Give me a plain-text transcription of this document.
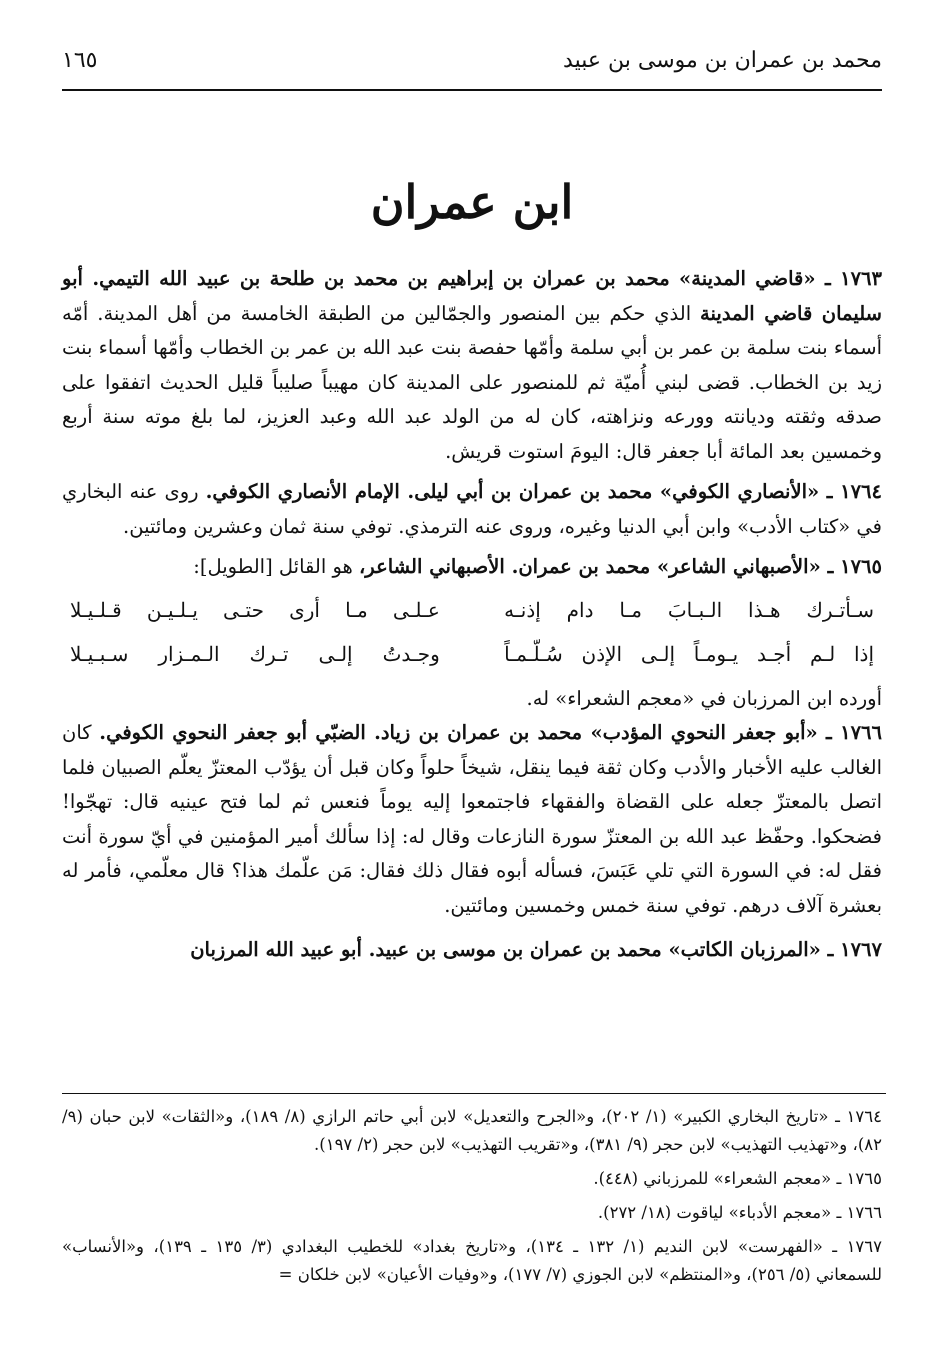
محمد بن عمران بن موسى بن عبيد
١٦٥
ابن عمران

١٧٦٣ ـ «قاضي المدينة» محمد بن عمران بن إبراهيم بن محمد بن طلحة بن عبيد الله التيمي. أبو سليمان قاضي المدينة الذي حكم بين المنصور والجمّالين من الطبقة الخامسة من أهل المدينة. أمّه أسماء بنت سلمة بن عمر بن أبي سلمة وأمّها حفصة بنت عبد الله بن عمر بن الخطاب وأمّها أسماء بنت زيد بن الخطاب. قضى لبني أُميّة ثم للمنصور على المدينة كان مهيباً صليباً قليل الحديث اتفقوا على صدقه وثقته وديانته وورعه ونزاهته، كان له من الولد عبد الله وعبد العزيز، لما بلغ موته سنة أربع وخمسين بعد المائة أبا جعفر قال: اليومَ استوت قريش.

١٧٦٤ ـ «الأنصاري الكوفي» محمد بن عمران بن أبي ليلى. الإمام الأنصاري الكوفي. روى عنه البخاري في «كتاب الأدب» وابن أبي الدنيا وغيره، وروى عنه الترمذي. توفي سنة ثمان وعشرين ومائتين.

١٧٦٥ ـ «الأصبهاني الشاعر» محمد بن عمران. الأصبهاني الشاعر، هو القائل [الطويل]:

سـأتـرك هـذا الـبـابَ مـا دام إذنـه
عـلـى مـا أرى حتـى يـلـيـن قـلـيـلا
إذا لـم أجـد يـومـاً إلـى الإذن سُـلّـمـاً
وجـدتُ إلـى تـرك الـمـزار سـبـيـلا

أورده ابن المرزبان في «معجم الشعراء» له.

١٧٦٦ ـ «أبو جعفر النحوي المؤدب» محمد بن عمران بن زياد. الضبّي أبو جعفر النحوي الكوفي. كان الغالب عليه الأخبار والأدب وكان ثقة فيما ينقل، شيخاً حلواً وكان قبل أن يؤدّب المعتزّ يعلّم الصبيان فلما اتصل بالمعتزّ جعله على القضاة والفقهاء فاجتمعوا إليه يوماً فنعس ثم لما فتح عينيه قال: تهجّوا! فضحكوا. وحفّظ عبد الله بن المعتزّ سورة النازعات وقال له: إذا سألك أمير المؤمنين في أيّ سورة أنت فقل له: في السورة التي تلي عَبَسَ، فسأله أبوه فقال ذلك فقال: مَن علّمك هذا؟ قال معلّمي، فأمر له بعشرة آلاف درهم. توفي سنة خمس وخمسين ومائتين.

١٧٦٧ ـ «المرزبان الكاتب» محمد بن عمران بن موسى بن عبيد. أبو عبيد الله المرزبان

١٧٦٤ ـ «تاريخ البخاري الكبير» (١/ ٢٠٢)، و«الجرح والتعديل» لابن أبي حاتم الرازي (٨/ ١٨٩)، و«الثقات» لابن حبان (٩/ ٨٢)، و«تهذيب التهذيب» لابن حجر (٩/ ٣٨١)، و«تقريب التهذيب» لابن حجر (٢/ ١٩٧).

١٧٦٥ ـ «معجم الشعراء» للمرزباني (٤٤٨).

١٧٦٦ ـ «معجم الأدباء» لياقوت (١٨/ ٢٧٢).

١٧٦٧ ـ «الفهرست» لابن النديم (١/ ١٣٢ ـ ١٣٤)، و«تاريخ بغداد» للخطيب البغدادي (٣/ ١٣٥ ـ ١٣٩)، و«الأنساب» للسمعاني (٥/ ٢٥٦)، و«المنتظم» لابن الجوزي (٧/ ١٧٧)، و«وفيات الأعيان» لابن خلكان =
